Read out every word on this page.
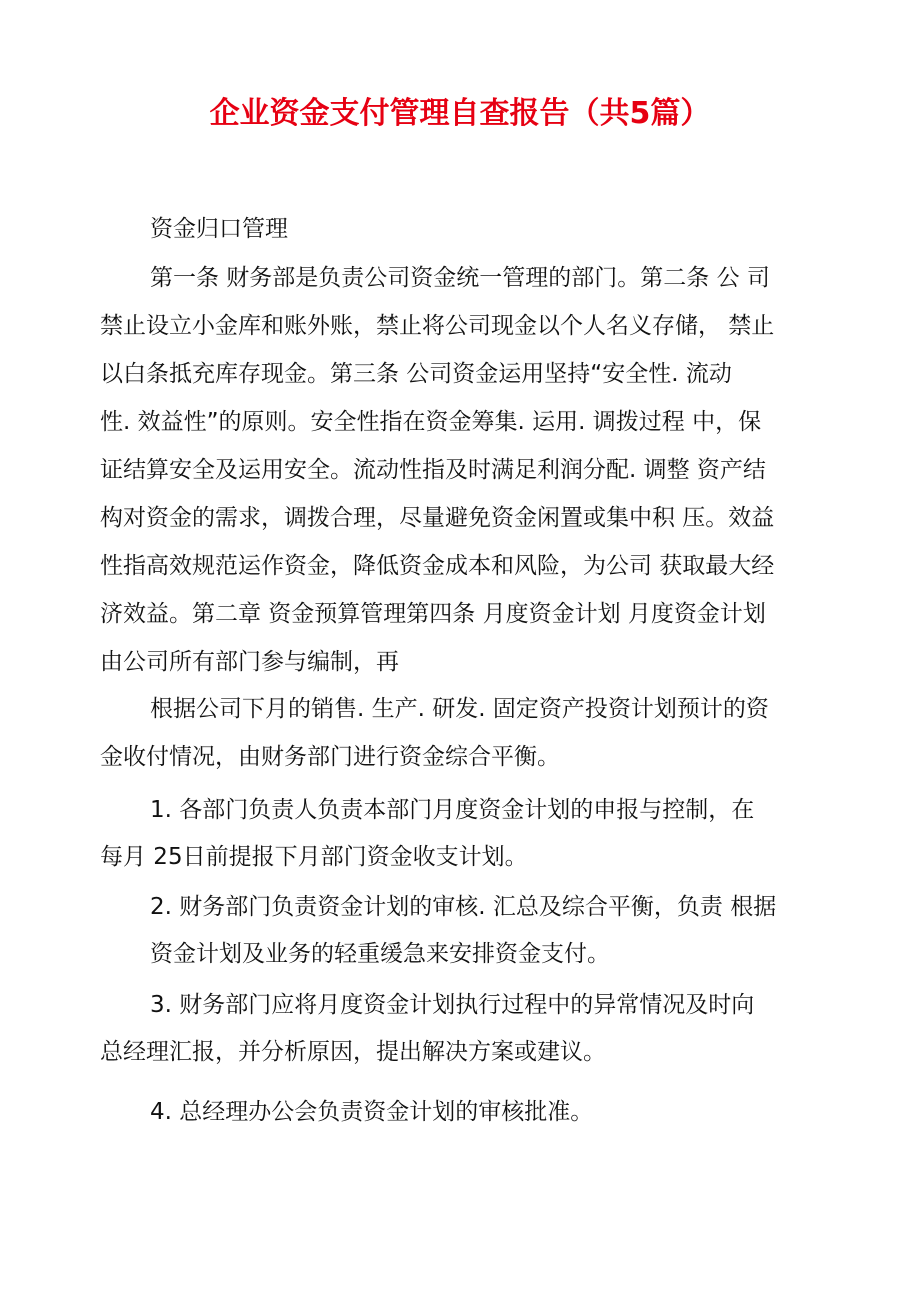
企业资金支付管理自查报告（共5篇）
资金归口管理
第一条 财务部是负责公司资金统一管理的部门。第二条 公 司
禁止设立小金库和账外账，禁止将公司现金以个人名义存储， 禁止
以白条抵充库存现金。第三条 公司资金运用坚持“安全性. 流动
性. 效益性”的原则。安全性指在资金筹集. 运用. 调拨过程 中，保
证结算安全及运用安全。流动性指及时满足利润分配. 调整 资产结
构对资金的需求，调拨合理，尽量避免资金闲置或集中积 压。效益
性指高效规范运作资金，降低资金成本和风险，为公司 获取最大经
济效益。第二章 资金预算管理第四条 月度资金计划 月度资金计划
由公司所有部门参与编制，再
根据公司下月的销售. 生产. 研发. 固定资产投资计划预计的资
金收付情况，由财务部门进行资金综合平衡。
1. 各部门负责人负责本部门月度资金计划的申报与控制，在
每月 25日前提报下月部门资金收支计划。
2. 财务部门负责资金计划的审核. 汇总及综合平衡，负责 根据
资金计划及业务的轻重缓急来安排资金支付。
3. 财务部门应将月度资金计划执行过程中的异常情况及时向
总经理汇报，并分析原因，提出解决方案或建议。
4. 总经理办公会负责资金计划的审核批准。
